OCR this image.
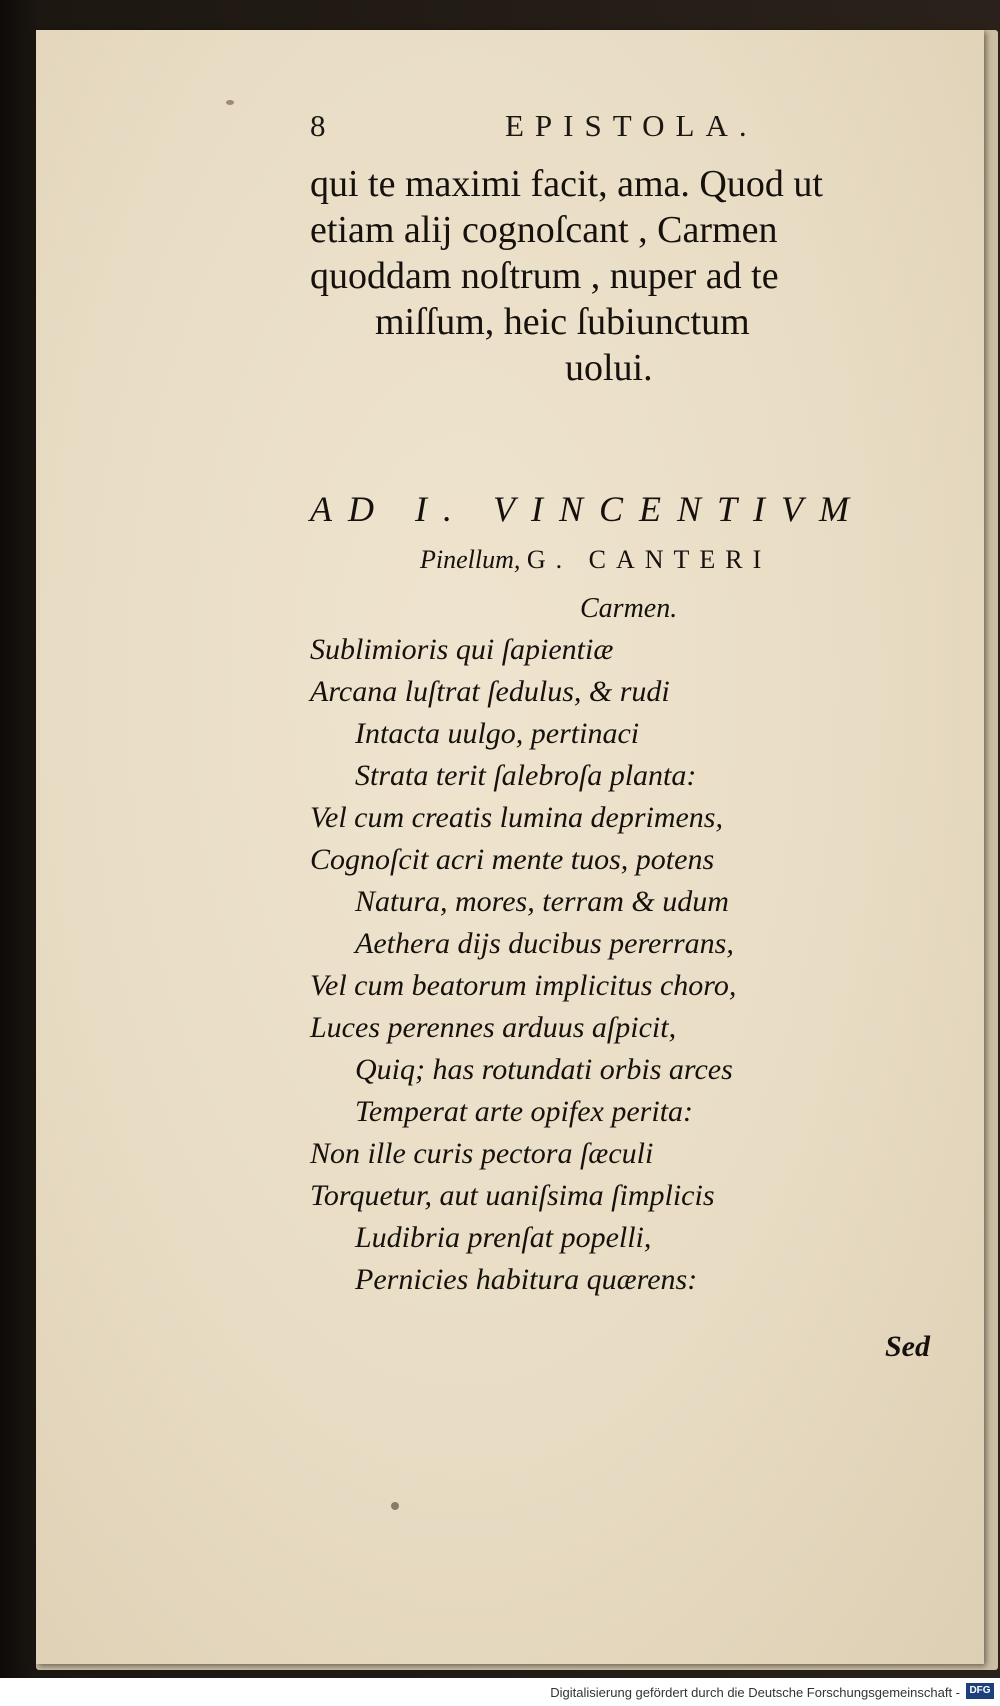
8	EPISTOLA.
qui te maximi facit, ama. Quod ut
etiam alij cognoſcant , Carmen
quoddam noſtrum , nuper ad te
miſſum, heic ſubiunctum
uolui.
AD I. VINCENTIVM
Pinellum, G. CANTERI
Carmen.
Sublimioris qui ſapientiæ
Arcana luſtrat ſedulus, & rudi
Intacta uulgo, pertinaci
Strata terit ſalebroſa planta:
Vel cum creatis lumina deprimens,
Cognoſcit acri mente tuos, potens
Natura, mores, terram & udum
Aethera dijs ducibus pererrans,
Vel cum beatorum implicitus choro,
Luces perennes arduus aſpicit,
Quiq; has rotundati orbis arces
Temperat arte opifex perita:
Non ille curis pectora ſæculi
Torquetur, aut uaniſsima ſimplicis
Ludibria prenſat popelli,
Pernicies habitura quærens:
Sed
Digitalisierung gefördert durch die Deutsche Forschungsgemeinschaft - DFG
